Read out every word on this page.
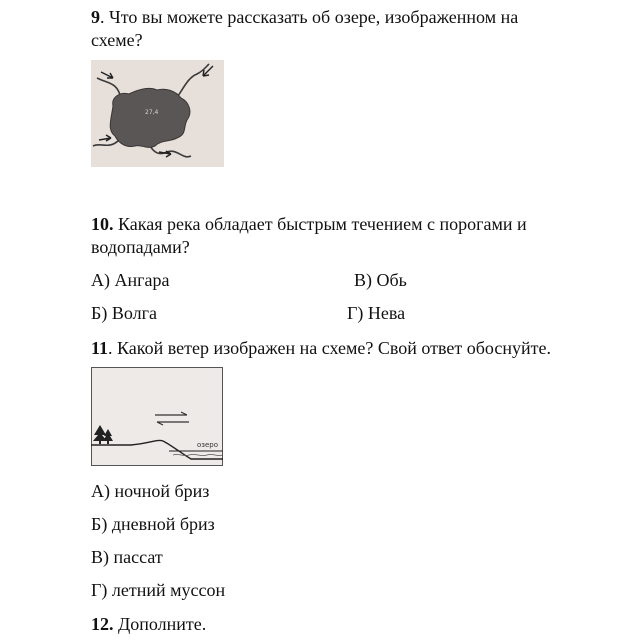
9. Что вы можете рассказать об озере, изображенном на
схеме?
27,4
10. Какая река обладает быстрым течением с порогами и
водопадами?
А) Ангара	В) Обь
Б) Волга	Г) Нева
11. Какой ветер изображен на схеме? Свой ответ обоснуйте.
озеро
А) ночной бриз
Б) дневной бриз
В) пассат
Г) летний муссон
12. Дополните.
